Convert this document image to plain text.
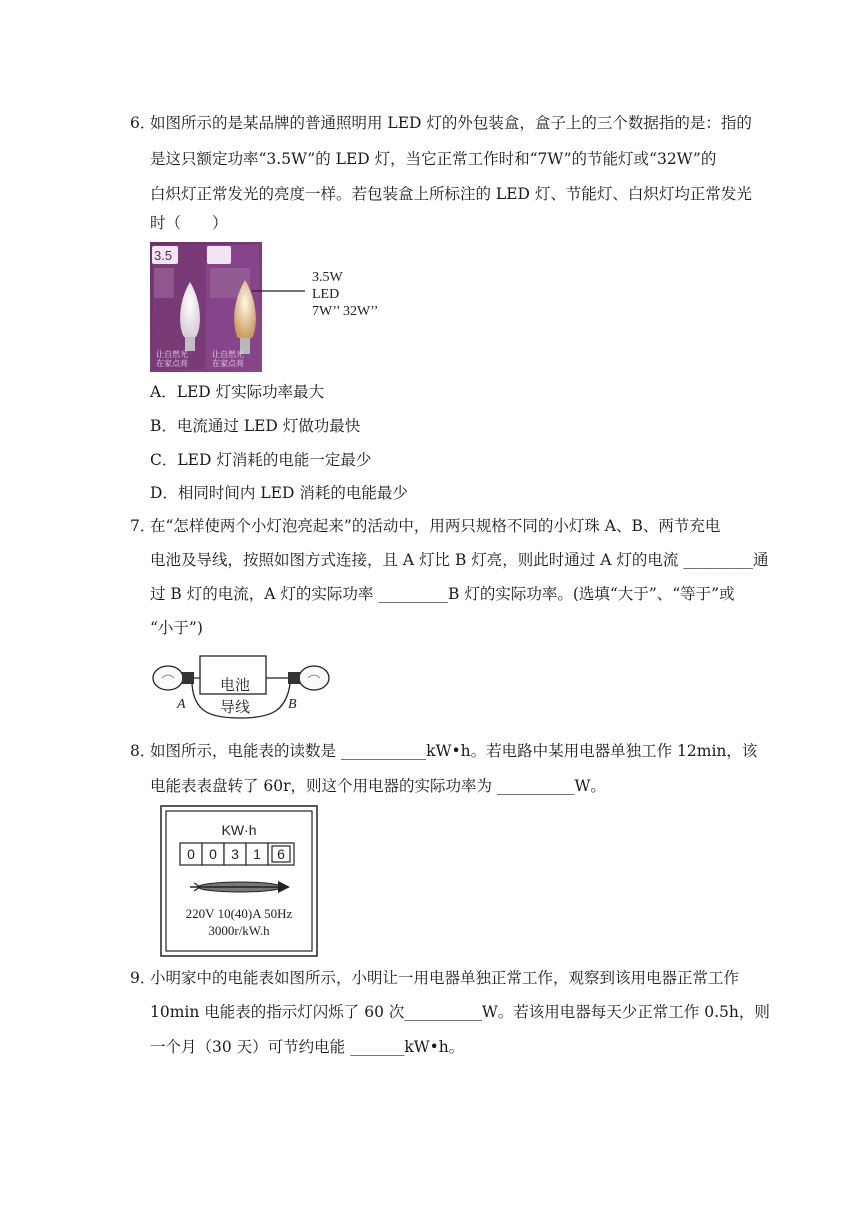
6．
如图所示的是某品牌的普通照明用 LED 灯的外包装盒，盒子上的三个数据指的是：指的
是这只额定功率“3.5W”的 LED 灯，当它正常工作时和“7W”的节能灯或“32W”的
白炽灯正常发光的亮度一样。若包装盒上所标注的 LED 灯、节能灯、白炽灯均正常发光
时（　　）
3.5
让自然光
在家点亮
让自然光
在家点亮
3.5W
LED
7W’’ 32W’’
A．LED 灯实际功率最大
B．电流通过 LED 灯做功最快
C．LED 灯消耗的电能一定最少
D．相同时间内 LED 消耗的电能最少
7．
在“怎样使两个小灯泡亮起来”的活动中，用两只规格不同的小灯珠 A、B、两节充电
电池及导线，按照如图方式连接，且 A 灯比 B 灯亮，则此时通过 A 灯的电流 _________通
过 B 灯的电流，A 灯的实际功率 _________B 灯的实际功率。(选填“大于”、“等于”或
“小于”)
电池
导线
A	B
8．
如图所示，电能表的读数是 ___________kW•h。若电路中某用电器单独工作 12min，该
电能表表盘转了 60r，则这个用电器的实际功率为 __________W。
KW·h
0 0 3 1 6
220V 10(40)A 50Hz
3000r/kW.h
9．
小明家中的电能表如图所示，小明让一用电器单独正常工作，观察到该用电器正常工作
10min 电能表的指示灯闪烁了 60 次__________W。若该用电器每天少正常工作 0.5h，则
一个月（30 天）可节约电能 _______kW•h。
